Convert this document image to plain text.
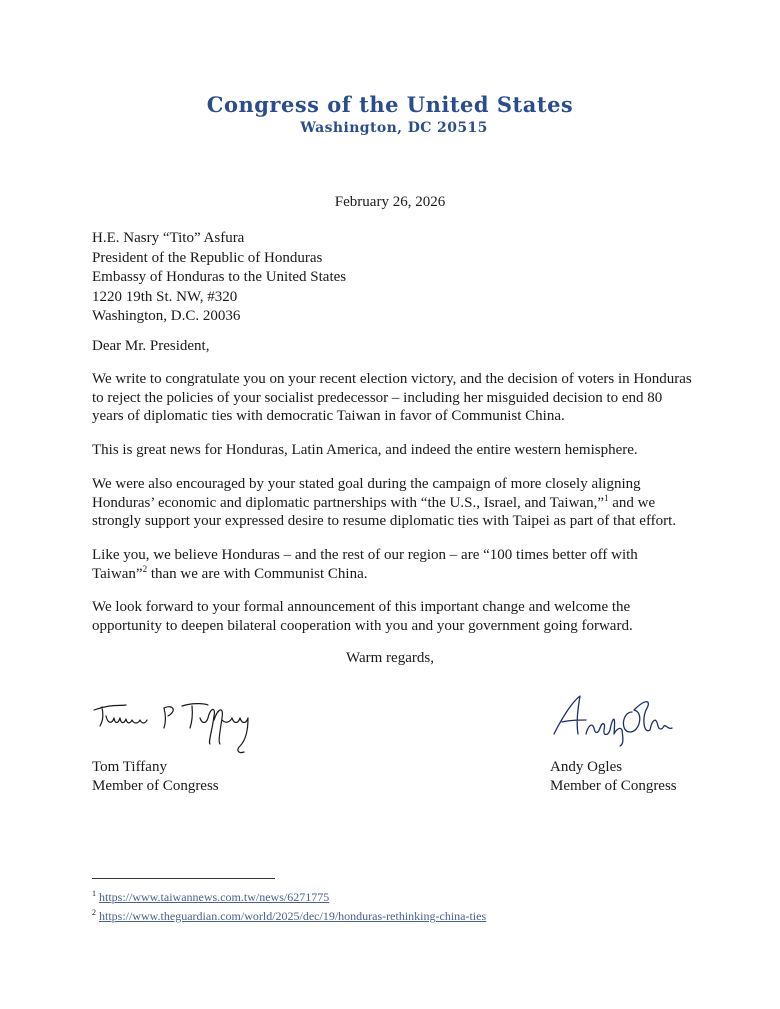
Congress of the United States
Washington, DC 20515
February 26, 2026
H.E. Nasry “Tito” Asfura
President of the Republic of Honduras
Embassy of Honduras to the United States
1220 19th St. NW, #320
Washington, D.C. 20036
Dear Mr. President,
We write to congratulate you on your recent election victory, and the decision of voters in Honduras to reject the policies of your socialist predecessor – including her misguided decision to end 80 years of diplomatic ties with democratic Taiwan in favor of Communist China.
This is great news for Honduras, Latin America, and indeed the entire western hemisphere.
We were also encouraged by your stated goal during the campaign of more closely aligning Honduras’ economic and diplomatic partnerships with “the U.S., Israel, and Taiwan,”$^1$ and we strongly support your expressed desire to resume diplomatic ties with Taipei as part of that effort.
Like you, we believe Honduras – and the rest of our region – are “100 times better off with Taiwan”$^2$ than we are with Communist China.
We look forward to your formal announcement of this important change and welcome the opportunity to deepen bilateral cooperation with you and your government going forward.
Warm regards,
Tom Tiffany
Member of Congress
Andy Ogles
Member of Congress
$^1$ https://www.taiwannews.com.tw/news/6271775
$^2$ https://www.theguardian.com/world/2025/dec/19/honduras-rethinking-china-ties
